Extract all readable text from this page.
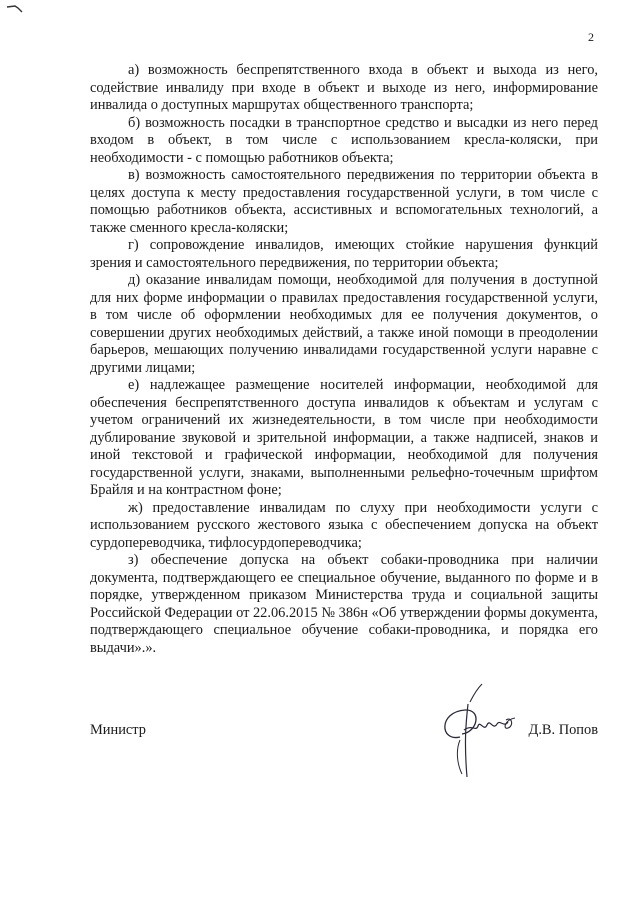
2

а) возможность беспрепятственного входа в объект и выхода из него, содействие инвалиду при входе в объект и выходе из него, информирование инвалида о доступных маршрутах общественного транспорта;

б) возможность посадки в транспортное средство и высадки из него перед входом в объект, в том числе с использованием кресла-коляски, при необходимости - с помощью работников объекта;

в) возможность самостоятельного передвижения по территории объекта в целях доступа к месту предоставления государственной услуги, в том числе с помощью работников объекта, ассистивных и вспомогательных технологий, а также сменного кресла-коляски;

г) сопровождение инвалидов, имеющих стойкие нарушения функций зрения и самостоятельного передвижения, по территории объекта;

д) оказание инвалидам помощи, необходимой для получения в доступной для них форме информации о правилах предоставления государственной услуги, в том числе об оформлении необходимых для ее получения документов, о совершении других необходимых действий, а также иной помощи в преодолении барьеров, мешающих получению инвалидами государственной услуги наравне с другими лицами;

е) надлежащее размещение носителей информации, необходимой для обеспечения беспрепятственного доступа инвалидов к объектам и услугам с учетом ограничений их жизнедеятельности, в том числе при необходимости дублирование звуковой и зрительной информации, а также надписей, знаков и иной текстовой и графической информации, необходимой для получения государственной услуги, знаками, выполненными рельефно-точечным шрифтом Брайля и на контрастном фоне;

ж) предоставление инвалидам по слуху при необходимости услуги с использованием русского жестового языка с обеспечением допуска на объект сурдопереводчика, тифлосурдопереводчика;

з) обеспечение допуска на объект собаки-проводника при наличии документа, подтверждающего ее специальное обучение, выданного по форме и в порядке, утвержденном приказом Министерства труда и социальной защиты Российской Федерации от 22.06.2015 № 386н «Об утверждении формы документа, подтверждающего специальное обучение собаки-проводника, и порядка его выдачи».».

Министр	Д.В. Попов
